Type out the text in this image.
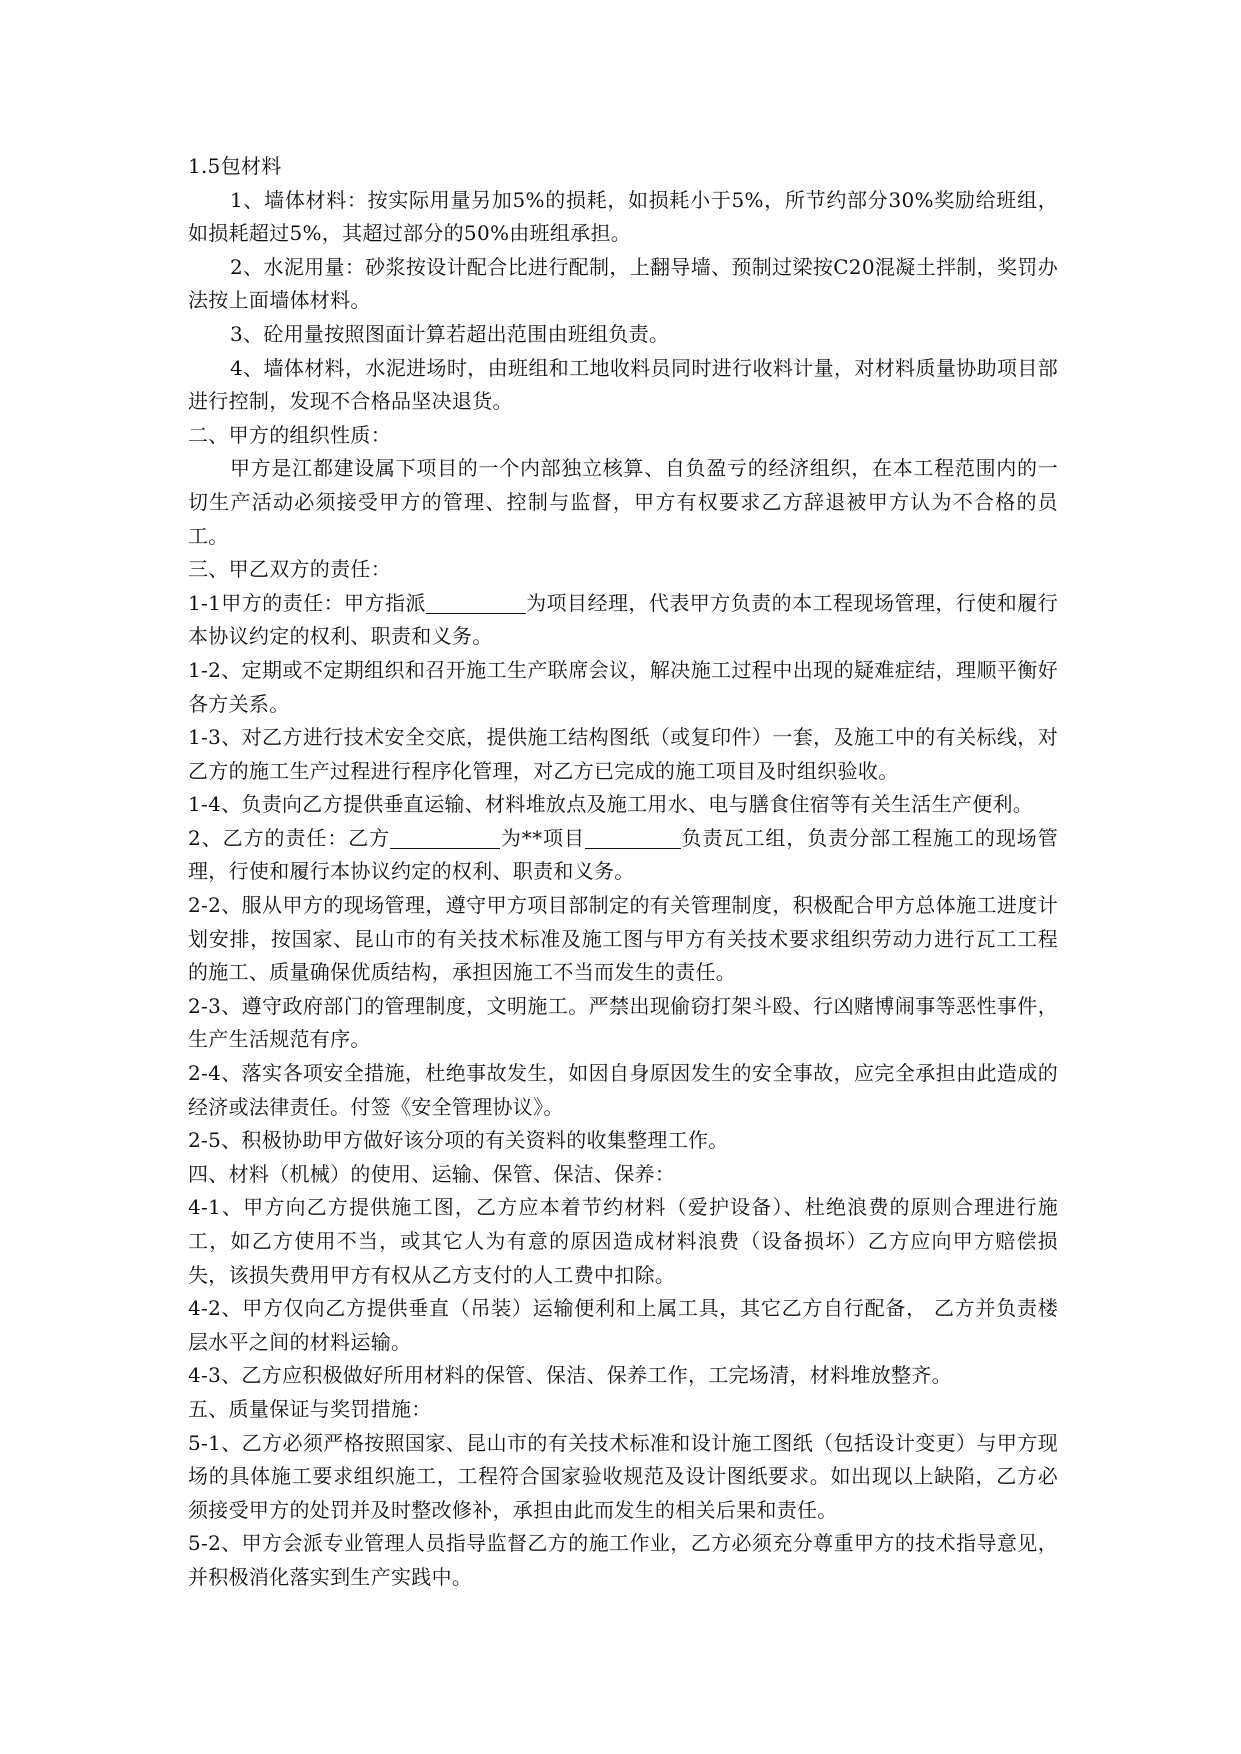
1.5包材料

1、墙体材料：按实际用量另加5%的损耗，如损耗小于5%，所节约部分30%奖励给班组，如损耗超过5%，其超过部分的50%由班组承担。

2、水泥用量：砂浆按设计配合比进行配制，上翻导墙、预制过梁按C20混凝土拌制，奖罚办法按上面墙体材料。

3、砼用量按照图面计算若超出范围由班组负责。

4、墙体材料，水泥进场时，由班组和工地收料员同时进行收料计量，对材料质量协助项目部进行控制，发现不合格品坚决退货。

二、甲方的组织性质：

甲方是江都建设属下项目的一个内部独立核算、自负盈亏的经济组织，在本工程范围内的一切生产活动必须接受甲方的管理、控制与监督，甲方有权要求乙方辞退被甲方认为不合格的员工。

三、甲乙双方的责任：

1-1甲方的责任：甲方指派	为项目经理，代表甲方负责的本工程现场管理，行使和履行本协议约定的权利、职责和义务。

1-2、定期或不定期组织和召开施工生产联席会议，解决施工过程中出现的疑难症结，理顺平衡好各方关系。

1-3、对乙方进行技术安全交底，提供施工结构图纸（或复印件）一套，及施工中的有关标线，对乙方的施工生产过程进行程序化管理，对乙方已完成的施工项目及时组织验收。

1-4、负责向乙方提供垂直运输、材料堆放点及施工用水、电与膳食住宿等有关生活生产便利。

2、乙方的责任：乙方	为**项目	负责瓦工组，负责分部工程施工的现场管理，行使和履行本协议约定的权利、职责和义务。

2-2、服从甲方的现场管理，遵守甲方项目部制定的有关管理制度，积极配合甲方总体施工进度计划安排，按国家、昆山市的有关技术标准及施工图与甲方有关技术要求组织劳动力进行瓦工工程的施工、质量确保优质结构，承担因施工不当而发生的责任。

2-3、遵守政府部门的管理制度，文明施工。严禁出现偷窃打架斗殴、行凶赌博闹事等恶性事件，生产生活规范有序。

2-4、落实各项安全措施，杜绝事故发生，如因自身原因发生的安全事故，应完全承担由此造成的经济或法律责任。付签《安全管理协议》。

2-5、积极协助甲方做好该分项的有关资料的收集整理工作。

四、材料（机械）的使用、运输、保管、保洁、保养：

4-1、甲方向乙方提供施工图，乙方应本着节约材料（爱护设备）、杜绝浪费的原则合理进行施工，如乙方使用不当，或其它人为有意的原因造成材料浪费（设备损坏）乙方应向甲方赔偿损失，该损失费用甲方有权从乙方支付的人工费中扣除。

4-2、甲方仅向乙方提供垂直（吊装）运输便利和上属工具，其它乙方自行配备， 乙方并负责楼层水平之间的材料运输。

4-3、乙方应积极做好所用材料的保管、保洁、保养工作，工完场清，材料堆放整齐。

五、质量保证与奖罚措施：

5-1、乙方必须严格按照国家、昆山市的有关技术标准和设计施工图纸（包括设计变更）与甲方现场的具体施工要求组织施工，工程符合国家验收规范及设计图纸要求。如出现以上缺陷，乙方必须接受甲方的处罚并及时整改修补，承担由此而发生的相关后果和责任。

5-2、甲方会派专业管理人员指导监督乙方的施工作业，乙方必须充分尊重甲方的技术指导意见，并积极消化落实到生产实践中。
